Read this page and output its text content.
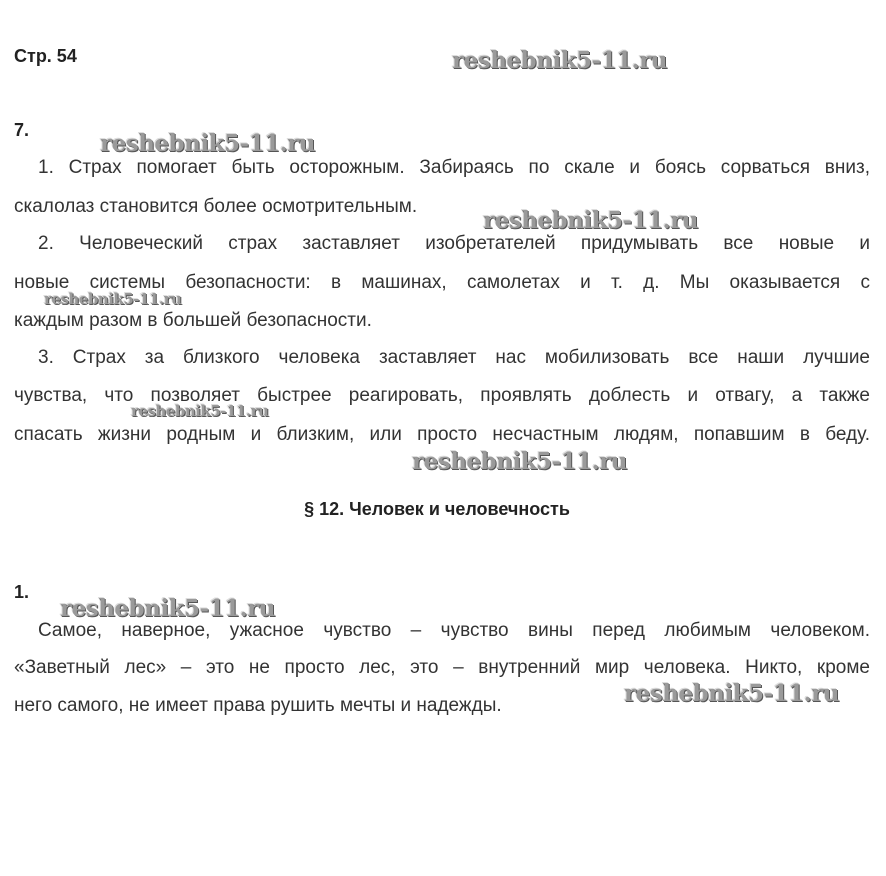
Стр. 54
7.
1. Страх помогает быть осторожным. Забираясь по скале и боясь сорваться вниз,
скалолаз становится более осмотрительным.
2. Человеческий страх заставляет изобретателей придумывать все новые и
новые системы безопасности: в машинах, самолетах и т. д. Мы оказывается с
каждым разом в большей безопасности.
3. Страх за близкого человека заставляет нас мобилизовать все наши лучшие
чувства, что позволяет быстрее реагировать, проявлять доблесть и отвагу, а также
спасать жизни родным и близким, или просто несчастным людям, попавшим в беду.
§ 12. Человек и человечность
1.
Самое, наверное, ужасное чувство – чувство вины перед любимым человеком.
«Заветный лес» – это не просто лес, это – внутренний мир человека. Никто, кроме
него самого, не имеет права рушить мечты и надежды.
reshebnik5-11.ru
reshebnik5-11.ru
reshebnik5-11.ru
reshebnik5-11.ru
reshebnik5-11.ru
reshebnik5-11.ru
reshebnik5-11.ru
reshebnik5-11.ru
